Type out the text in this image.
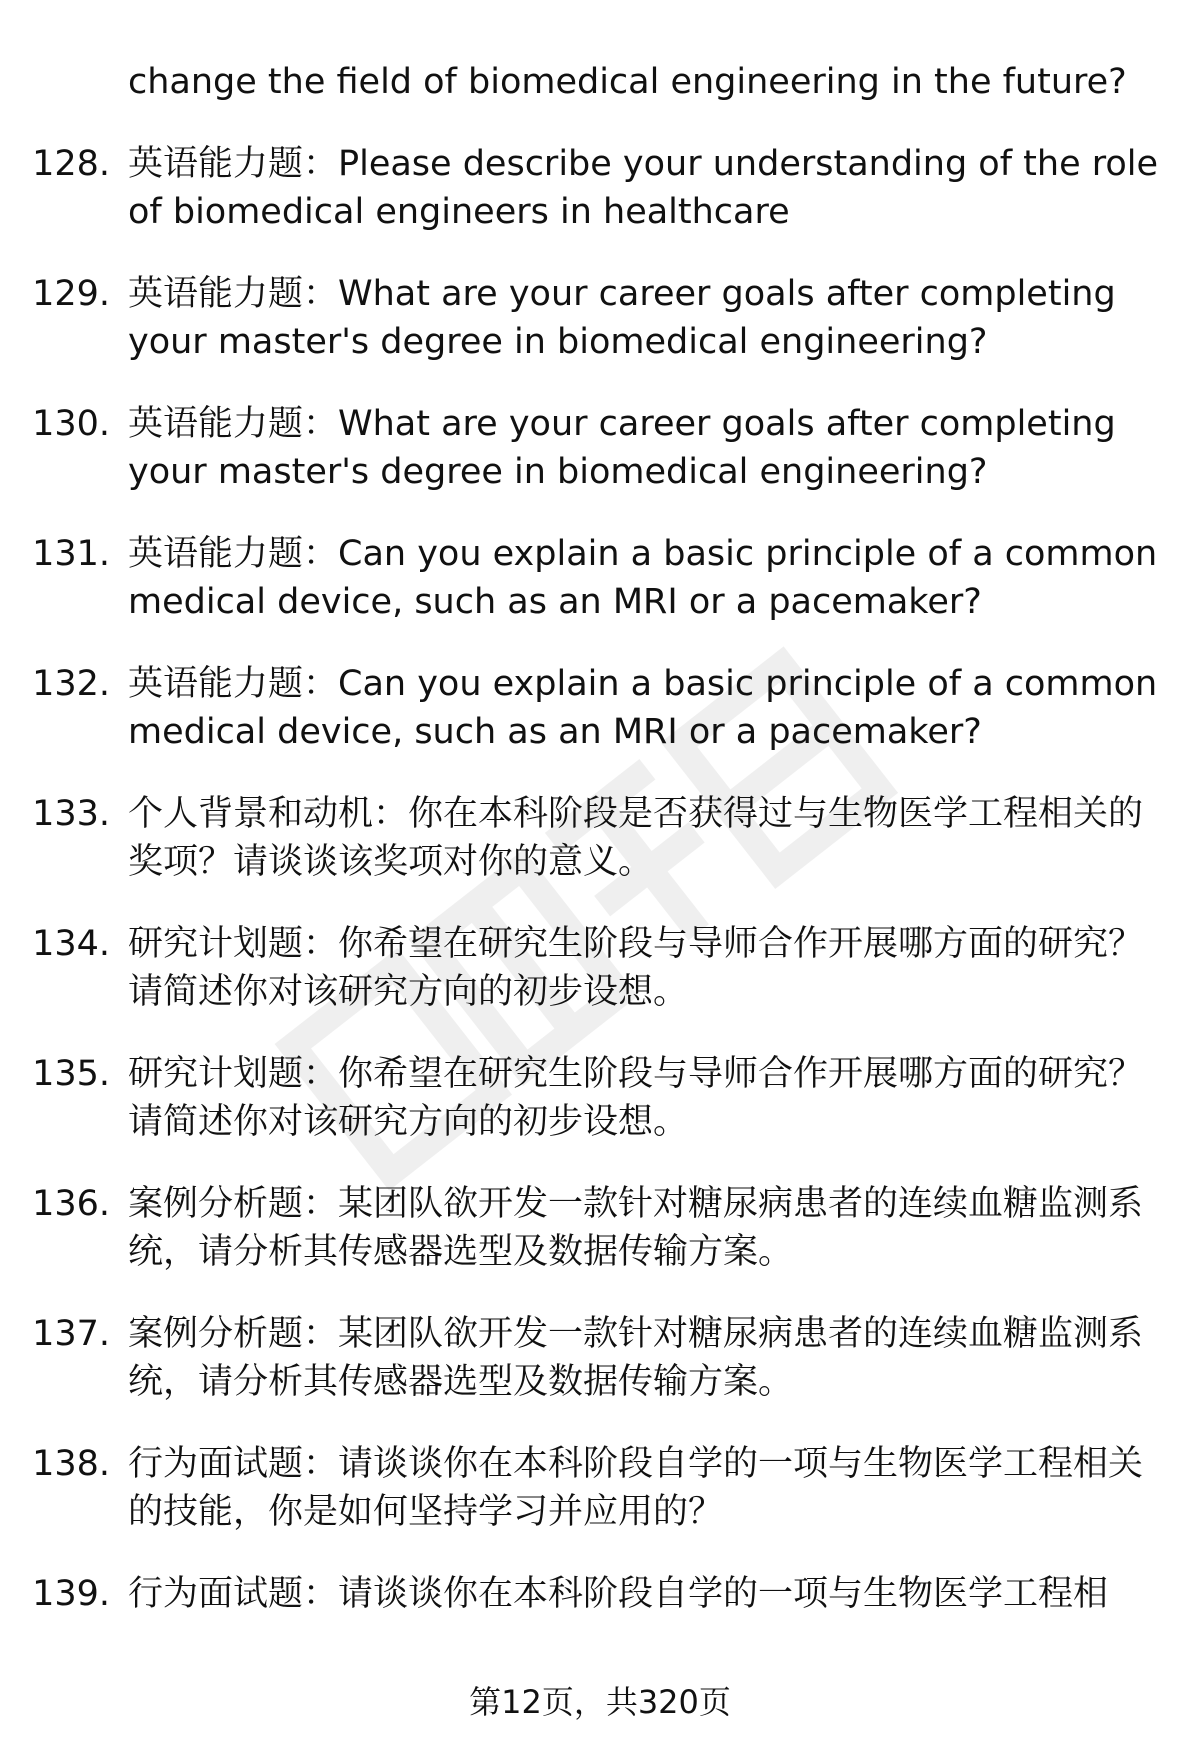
change the field of biomedical engineering in the future?
128. 英语能力题：Please describe your understanding of the role of biomedical engineers in healthcare
129. 英语能力题：What are your career goals after completing your master's degree in biomedical engineering?
130. 英语能力题：What are your career goals after completing your master's degree in biomedical engineering?
131. 英语能力题：Can you explain a basic principle of a common medical device, such as an MRI or a pacemaker?
132. 英语能力题：Can you explain a basic principle of a common medical device, such as an MRI or a pacemaker?
133. 个人背景和动机：你在本科阶段是否获得过与生物医学工程相关的奖项？请谈谈该奖项对你的意义。
134. 研究计划题：你希望在研究生阶段与导师合作开展哪方面的研究？请简述你对该研究方向的初步设想。
135. 研究计划题：你希望在研究生阶段与导师合作开展哪方面的研究？请简述你对该研究方向的初步设想。
136. 案例分析题：某团队欲开发一款针对糖尿病患者的连续血糖监测系统，请分析其传感器选型及数据传输方案。
137. 案例分析题：某团队欲开发一款针对糖尿病患者的连续血糖监测系统，请分析其传感器选型及数据传输方案。
138. 行为面试题：请谈谈你在本科阶段自学的一项与生物医学工程相关的技能，你是如何坚持学习并应用的？
139. 行为面试题：请谈谈你在本科阶段自学的一项与生物医学工程相
第12页，共320页
